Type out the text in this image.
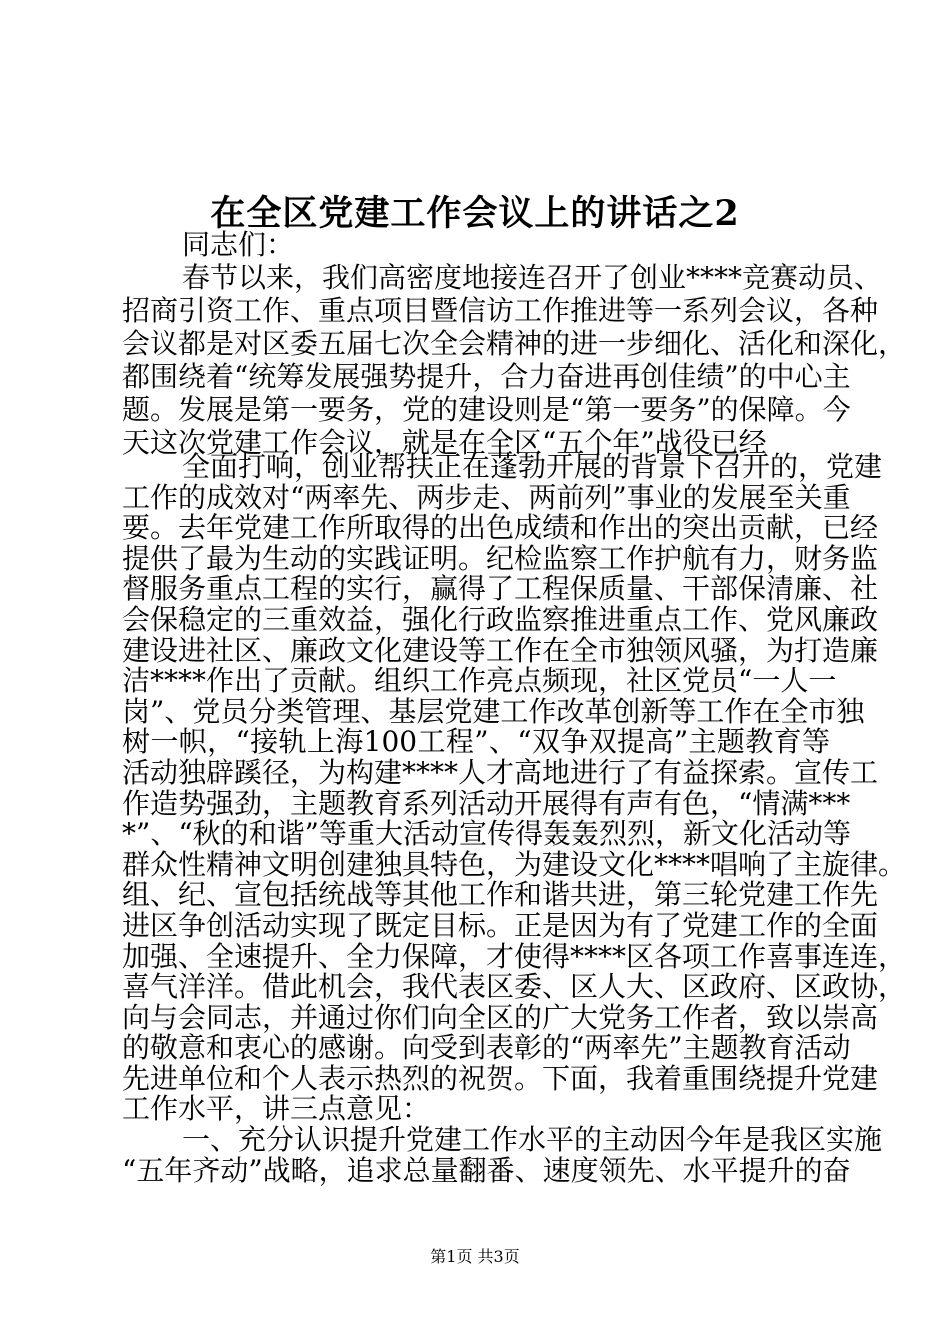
在全区党建工作会议上的讲话之2
同志们：
春节以来，我们高密度地接连召开了创业****竞赛动员、
招商引资工作、重点项目暨信访工作推进等一系列会议，各种
会议都是对区委五届七次全会精神的进一步细化、活化和深化，
都围绕着“统筹发展强势提升，合力奋进再创佳绩”的中心主
题。发展是第一要务，党的建设则是“第一要务”的保障。今
天这次党建工作会议，就是在全区“五个年”战役已经
全面打响，创业帮扶正在蓬勃开展的背景下召开的，党建
工作的成效对“两率先、两步走、两前列”事业的发展至关重
要。去年党建工作所取得的出色成绩和作出的突出贡献，已经
提供了最为生动的实践证明。纪检监察工作护航有力，财务监
督服务重点工程的实行，赢得了工程保质量、干部保清廉、社
会保稳定的三重效益，强化行政监察推进重点工作、党风廉政
建设进社区、廉政文化建设等工作在全市独领风骚，为打造廉
洁****作出了贡献。组织工作亮点频现，社区党员“一人一
岗”、党员分类管理、基层党建工作改革创新等工作在全市独
树一帜，“接轨上海100工程”、“双争双提高”主题教育等
活动独辟蹊径，为构建****人才高地进行了有益探索。宣传工
作造势强劲，主题教育系列活动开展得有声有色，“情满***
*”、“秋的和谐”等重大活动宣传得轰轰烈烈，新文化活动等
群众性精神文明创建独具特色，为建设文化****唱响了主旋律。
组、纪、宣包括统战等其他工作和谐共进，第三轮党建工作先
进区争创活动实现了既定目标。正是因为有了党建工作的全面
加强、全速提升、全力保障，才使得****区各项工作喜事连连，
喜气洋洋。借此机会，我代表区委、区人大、区政府、区政协，
向与会同志，并通过你们向全区的广大党务工作者，致以崇高
的敬意和衷心的感谢。向受到表彰的“两率先”主题教育活动
先进单位和个人表示热烈的祝贺。下面，我着重围绕提升党建
工作水平，讲三点意见：
一、充分认识提升党建工作水平的主动因今年是我区实施
“五年齐动”战略，追求总量翻番、速度领先、水平提升的奋
第1页 共3页
